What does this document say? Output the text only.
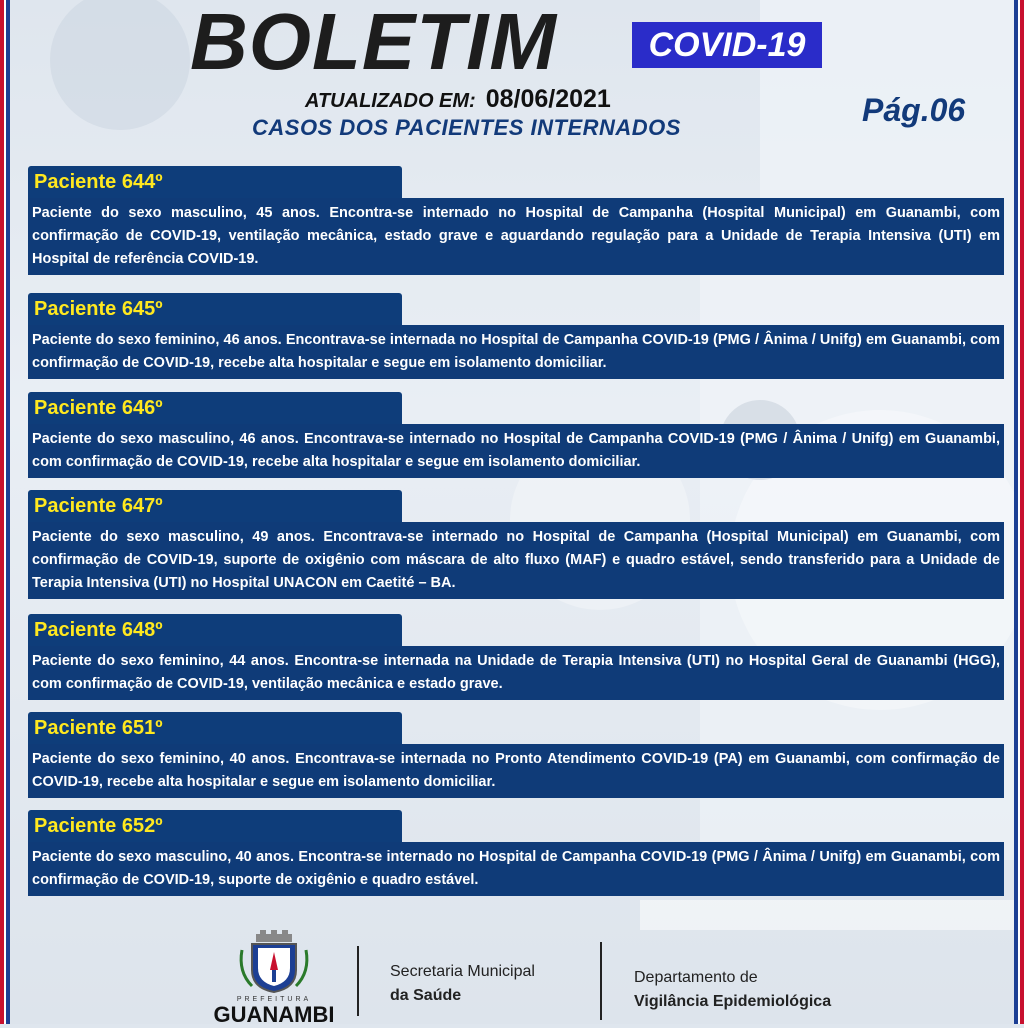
BOLETIM	COVID-19
ATUALIZADO EM: 08/06/2021
CASOS DOS PACIENTES INTERNADOS	Pág.06
Paciente 644º
Paciente do sexo masculino, 45 anos. Encontra-se internado no Hospital de Campanha (Hospital Municipal) em Guanambi, com confirmação de COVID-19, ventilação mecânica, estado grave e aguardando regulação para a Unidade de Terapia Intensiva (UTI) em Hospital de referência COVID-19.
Paciente 645º
Paciente do sexo feminino, 46 anos. Encontrava-se internada no Hospital de Campanha COVID-19 (PMG / Ânima / Unifg) em Guanambi, com confirmação de COVID-19, recebe alta hospitalar e segue em isolamento domiciliar.
Paciente 646º
Paciente do sexo masculino, 46 anos. Encontrava-se internado no Hospital de Campanha COVID-19 (PMG / Ânima / Unifg) em Guanambi, com confirmação de COVID-19, recebe alta hospitalar e segue em isolamento domiciliar.
Paciente 647º
Paciente do sexo masculino, 49 anos. Encontrava-se internado no Hospital de Campanha (Hospital Municipal) em Guanambi, com confirmação de COVID-19, suporte de oxigênio com máscara de alto fluxo (MAF) e quadro estável, sendo transferido para a Unidade de Terapia Intensiva (UTI) no Hospital UNACON em Caetité – BA.
Paciente 648º
Paciente do sexo feminino, 44 anos. Encontra-se internada na Unidade de Terapia Intensiva (UTI) no Hospital Geral de Guanambi (HGG), com confirmação de COVID-19, ventilação mecânica e estado grave.
Paciente 651º
Paciente do sexo feminino, 40 anos. Encontrava-se internada no Pronto Atendimento COVID-19 (PA) em Guanambi, com confirmação de COVID-19, recebe alta hospitalar e segue em isolamento domiciliar.
Paciente 652º
Paciente do sexo masculino, 40 anos. Encontra-se internado no Hospital de Campanha COVID-19 (PMG / Ânima / Unifg) em Guanambi, com confirmação de COVID-19, suporte de oxigênio e quadro estável.
PREFEITURA
GUANAMBI
Secretaria Municipal
da Saúde
Departamento de
Vigilância Epidemiológica
